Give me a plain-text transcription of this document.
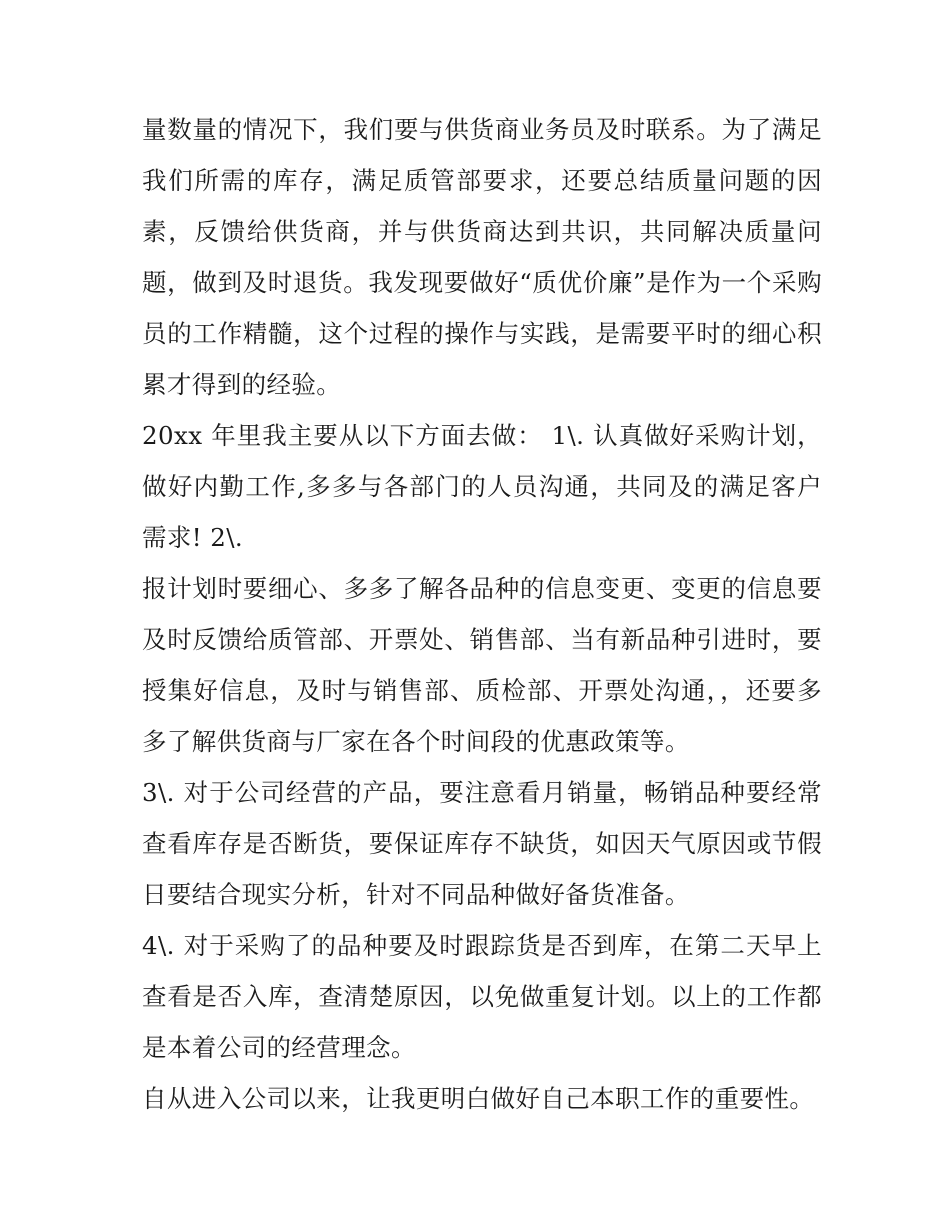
量数量的情况下，我们要与供货商业务员及时联系。为了满足我们所需的库存，满足质管部要求，还要总结质量问题的因素，反馈给供货商，并与供货商达到共识，共同解决质量问题，做到及时退货。我发现要做好“质优价廉”是作为一个采购员的工作精髓，这个过程的操作与实践，是需要平时的细心积累才得到的经验。

20xx 年里我主要从以下方面去做： 1\. 认真做好采购计划，做好内勤工作,多多与各部门的人员沟通，共同及的满足客户需求! 2\.

报计划时要细心、多多了解各品种的信息变更、变更的信息要及时反馈给质管部、开票处、销售部、当有新品种引进时，要授集好信息，及时与销售部、质检部、开票处沟通，，还要多多了解供货商与厂家在各个时间段的优惠政策等。

3\. 对于公司经营的产品，要注意看月销量，畅销品种要经常查看库存是否断货，要保证库存不缺货，如因天气原因或节假日要结合现实分析，针对不同品种做好备货准备。

4\. 对于采购了的品种要及时跟踪货是否到库，在第二天早上查看是否入库，查清楚原因，以免做重复计划。以上的工作都是本着公司的经营理念。

自从进入公司以来，让我更明白做好自己本职工作的重要性。
